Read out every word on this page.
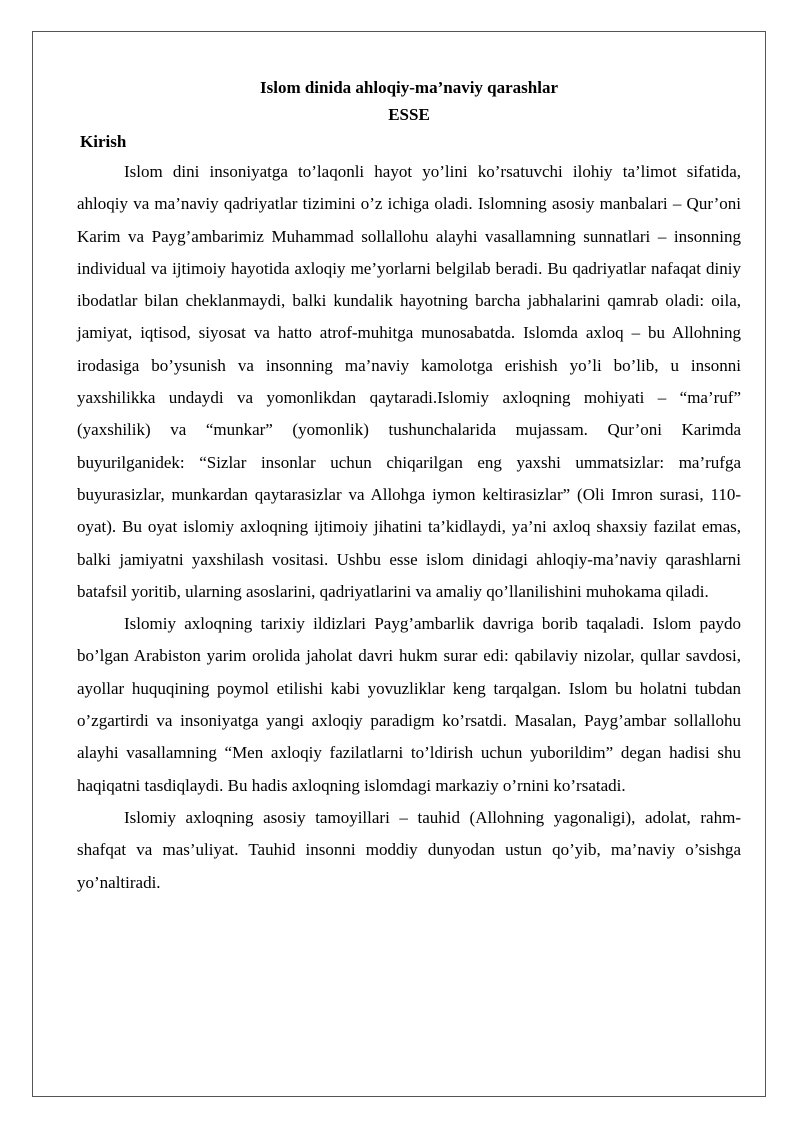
Islom dinida ahloqiy-ma’naviy qarashlar

ESSE

Kirish

Islom dini insoniyatga to’laqonli hayot yo’lini ko’rsatuvchi ilohiy ta’limot sifatida, ahloqiy va ma’naviy qadriyatlar tizimini o’z ichiga oladi. Islomning asosiy manbalari – Qur’oni Karim va Payg’ambarimiz Muhammad sollallohu alayhi vasallamning sunnatlari – insonning individual va ijtimoiy hayotida axloqiy me’yorlarni belgilab beradi. Bu qadriyatlar nafaqat diniy ibodatlar bilan cheklanmaydi, balki kundalik hayotning barcha jabhalarini qamrab oladi: oila, jamiyat, iqtisod, siyosat va hatto atrof-muhitga munosabatda. Islomda axloq – bu Allohning irodasiga bo’ysunish va insonning ma’naviy kamolotga erishish yo’li bo’lib, u insonni yaxshilikka undaydi va yomonlikdan qaytaradi.Islomiy axloqning mohiyati – “ma’ruf” (yaxshilik) va “munkar” (yomonlik) tushunchalarida mujassam. Qur’oni Karimda buyurilganidek: “Sizlar insonlar uchun chiqarilgan eng yaxshi ummatsizlar: ma’rufga buyurasizlar, munkardan qaytarasizlar va Allohga iymon keltirasizlar” (Oli Imron surasi, 110-oyat). Bu oyat islomiy axloqning ijtimoiy jihatini ta’kidlaydi, ya’ni axloq shaxsiy fazilat emas, balki jamiyatni yaxshilash vositasi. Ushbu esse islom dinidagi ahloqiy-ma’naviy qarashlarni batafsil yoritib, ularning asoslarini, qadriyatlarini va amaliy qo’llanilishini muhokama qiladi.

Islomiy axloqning tarixiy ildizlari Payg’ambarlik davriga borib taqaladi. Islom paydo bo’lgan Arabiston yarim orolida jaholat davri hukm surar edi: qabilaviy nizolar, qullar savdosi, ayollar huquqining poymol etilishi kabi yovuzliklar keng tarqalgan. Islom bu holatni tubdan o’zgartirdi va insoniyatga yangi axloqiy paradigm ko’rsatdi. Masalan, Payg’ambar sollallohu alayhi vasallamning “Men axloqiy fazilatlarni to’ldirish uchun yuborildim” degan hadisi shu haqiqatni tasdiqlaydi. Bu hadis axloqning islomdagi markaziy o’rnini ko’rsatadi.

Islomiy axloqning asosiy tamoyillari – tauhid (Allohning yagonaligi), adolat, rahm-shafqat va mas’uliyat. Tauhid insonni moddiy dunyodan ustun qo’yib, ma’naviy o’sishga yo’naltiradi.
